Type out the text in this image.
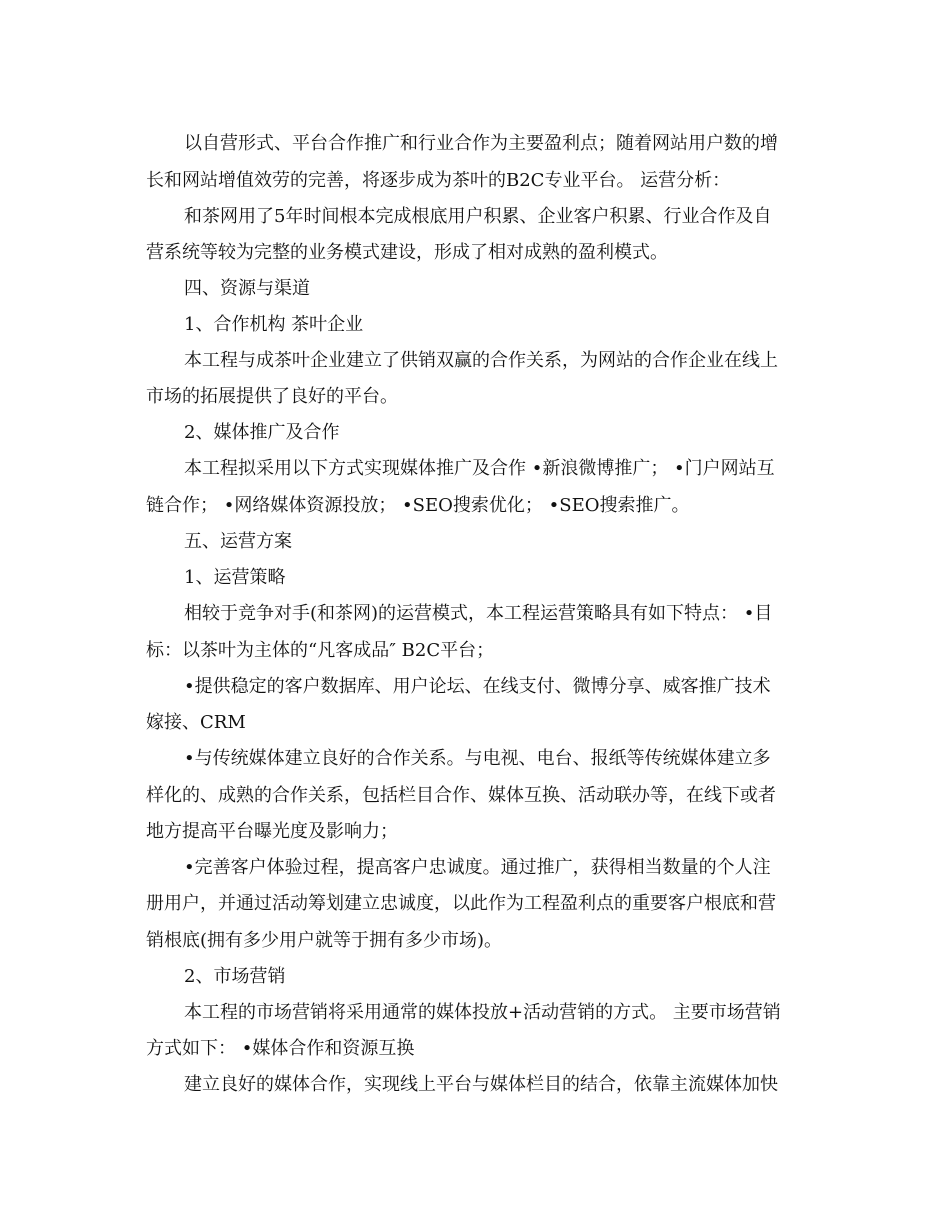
以自营形式、平台合作推广和行业合作为主要盈利点；随着网站用户数的增
长和网站增值效劳的完善，将逐步成为茶叶的B2C专业平台。 运营分析：
和茶网用了5年时间根本完成根底用户积累、企业客户积累、行业合作及自
营系统等较为完整的业务模式建设，形成了相对成熟的盈利模式。
四、资源与渠道
1、合作机构 茶叶企业
本工程与成茶叶企业建立了供销双赢的合作关系，为网站的合作企业在线上
市场的拓展提供了良好的平台。
2、媒体推广及合作
本工程拟采用以下方式实现媒体推广及合作 •新浪微博推广； •门户网站互
链合作； •网络媒体资源投放； •SEO搜索优化； •SEO搜索推广。
五、运营方案
1、运营策略
相较于竞争对手(和茶网)的运营模式，本工程运营策略具有如下特点： •目
标：以茶叶为主体的“凡客成品″ B2C平台；
•提供稳定的客户数据库、用户论坛、在线支付、微博分享、威客推广技术
嫁接、CRM
•与传统媒体建立良好的合作关系。与电视、电台、报纸等传统媒体建立多
样化的、成熟的合作关系，包括栏目合作、媒体互换、活动联办等，在线下或者
地方提高平台曝光度及影响力；
•完善客户体验过程，提高客户忠诚度。通过推广，获得相当数量的个人注
册用户，并通过活动筹划建立忠诚度，以此作为工程盈利点的重要客户根底和营
销根底(拥有多少用户就等于拥有多少市场)。
2、市场营销
本工程的市场营销将采用通常的媒体投放+活动营销的方式。 主要市场营销
方式如下： •媒体合作和资源互换
建立良好的媒体合作，实现线上平台与媒体栏目的结合，依靠主流媒体加快
